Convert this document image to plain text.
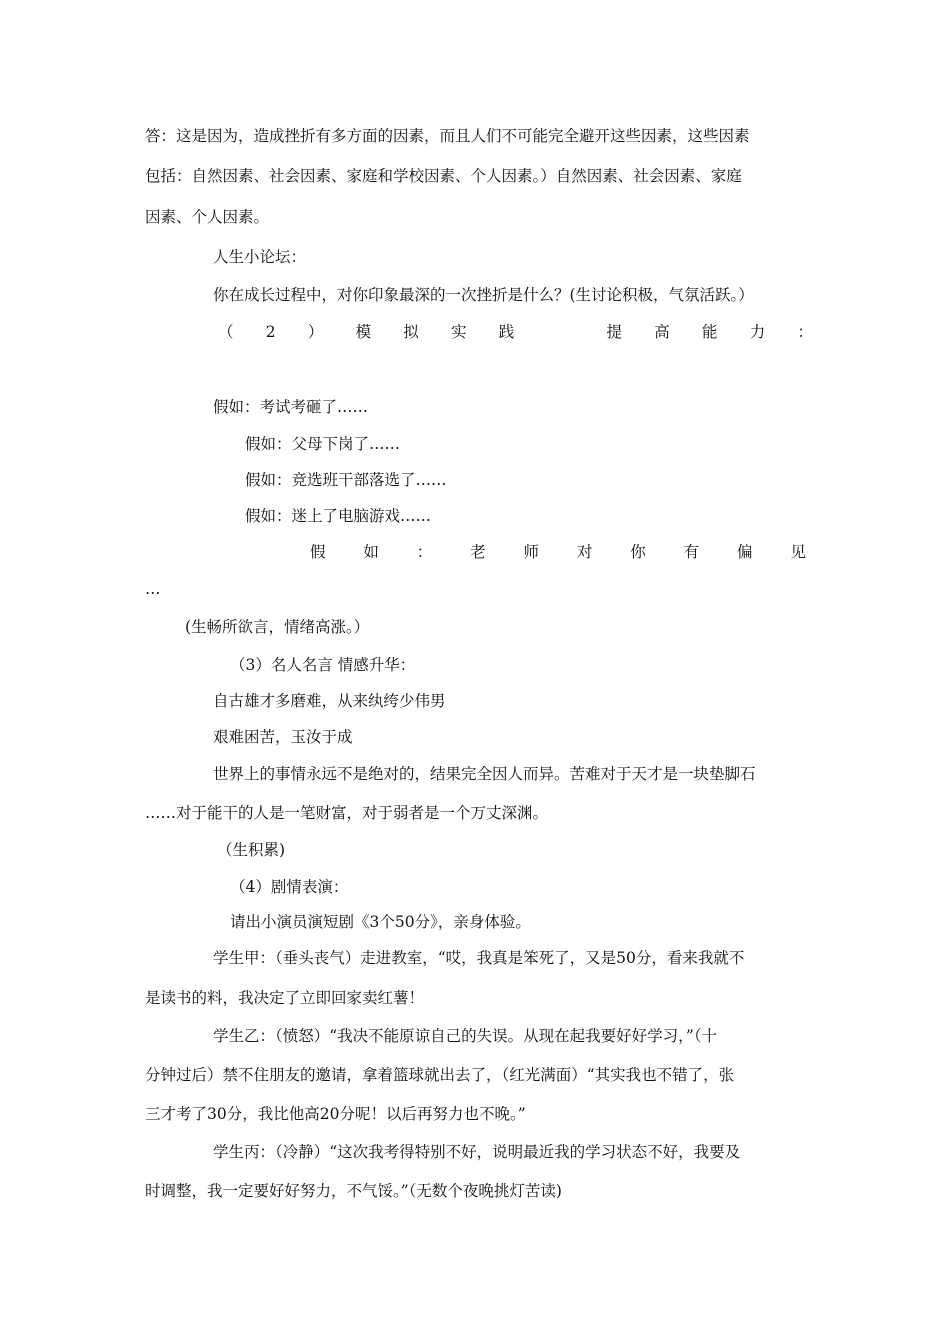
答：这是因为，造成挫折有多方面的因素，而且人们不可能完全避开这些因素，这些因素
包括：自然因素、社会因素、家庭和学校因素、个人因素。）自然因素、社会因素、家庭
因素、个人因素。
人生小论坛：
你在成长过程中，对你印象最深的一次挫折是什么？(生讨论积极，气氛活跃。）
（ 2 ） 模 拟 实 践	提 高 能 力 ：
假如：考试考砸了……
假如：父母下岗了……
假如：竞选班干部落选了……
假如：迷上了电脑游戏……
假 如 ： 老 师 对 你 有 偏 见
…
(生畅所欲言，情绪高涨。）
（3）名人名言 情感升华：
自古雄才多磨难，从来纨绔少伟男
艰难困苦，玉汝于成
世界上的事情永远不是绝对的，结果完全因人而异。苦难对于天才是一块垫脚石
……对于能干的人是一笔财富，对于弱者是一个万丈深渊。
（生积累)
（4）剧情表演：
请出小演员演短剧《3个50分》，亲身体验。
学生甲：（垂头丧气）走进教室，“哎，我真是笨死了，又是50分，看来我就不
是读书的料，我决定了立即回家卖红薯！
学生乙：（愤怒）“我决不能原谅自己的失误。从现在起我要好好学习，”（十
分钟过后）禁不住朋友的邀请，拿着篮球就出去了，（红光满面）“其实我也不错了，张
三才考了30分，我比他高20分呢！以后再努力也不晚。”
学生丙：（冷静）“这次我考得特别不好，说明最近我的学习状态不好，我要及
时调整，我一定要好好努力，不气馁。”（无数个夜晚挑灯苦读)
